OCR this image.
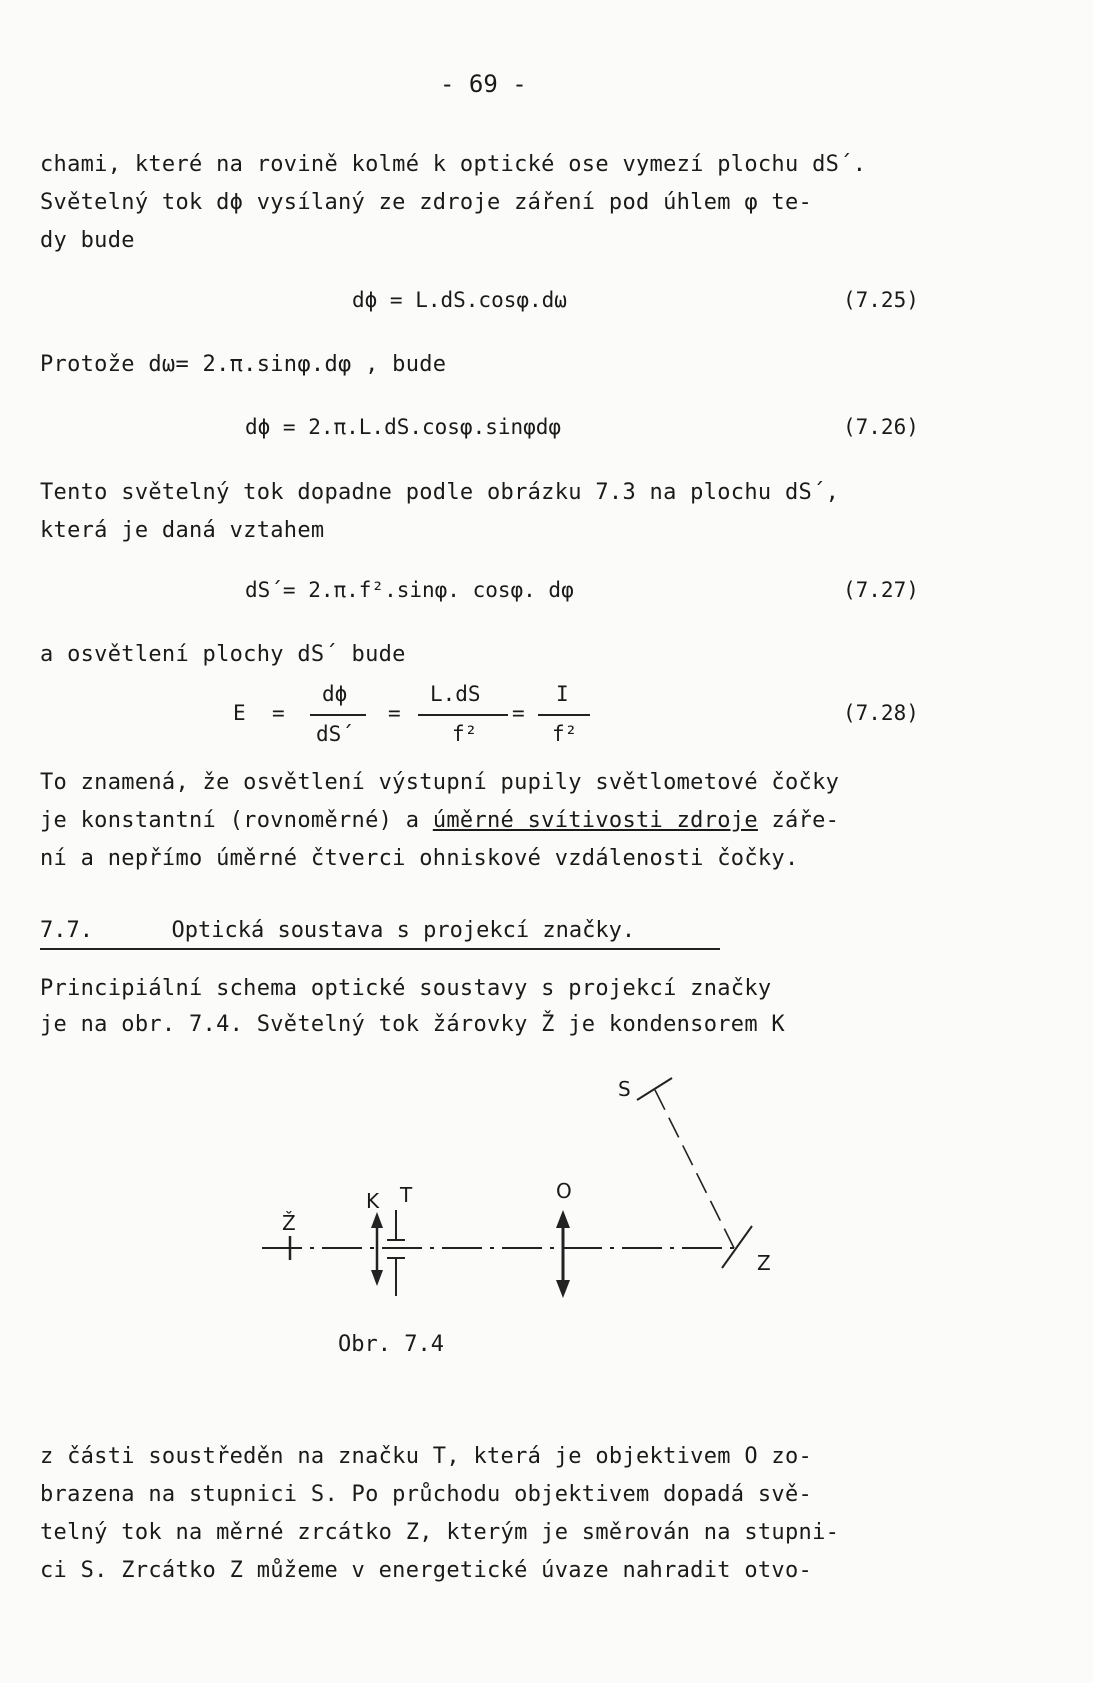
- 69 -
chami, které na rovině kolmé k optické ose vymezí plochu dS´.
Světelný tok dϕ vysílaný ze zdroje záření pod úhlem φ te-
dy bude
dϕ = L.dS.cosφ.dω	(7.25)
Protože dω= 2.π.sinφ.dφ , bude
dϕ = 2.π.L.dS.cosφ.sinφdφ	(7.26)
Tento světelný tok dopadne podle obrázku 7.3 na plochu dS´,
která je daná vztahem
dS´= 2.π.f².sinφ. cosφ. dφ	(7.27)
a osvětlení plochy dS´ bude
E =
dϕ
dS´
=
L.dS
f²
=
I
f²
(7.28)
To znamená, že osvětlení výstupní pupily světlometové čočky
je konstantní (rovnoměrné) a úměrné svítivosti zdroje záře-
ní a nepřímo úměrné čtverci ohniskové vzdálenosti čočky.
7.7.	Optická soustava s projekcí značky.
Principiální schema optické soustavy s projekcí značky
je na obr. 7.4. Světelný tok žárovky Ž je kondensorem K
S
Ž
K T	O
Z
Obr. 7.4
z části soustředěn na značku T, která je objektivem O zo-
brazena na stupnici S. Po průchodu objektivem dopadá svě-
telný tok na měrné zrcátko Z, kterým je směrován na stupni-
ci S. Zrcátko Z můžeme v energetické úvaze nahradit otvo-
